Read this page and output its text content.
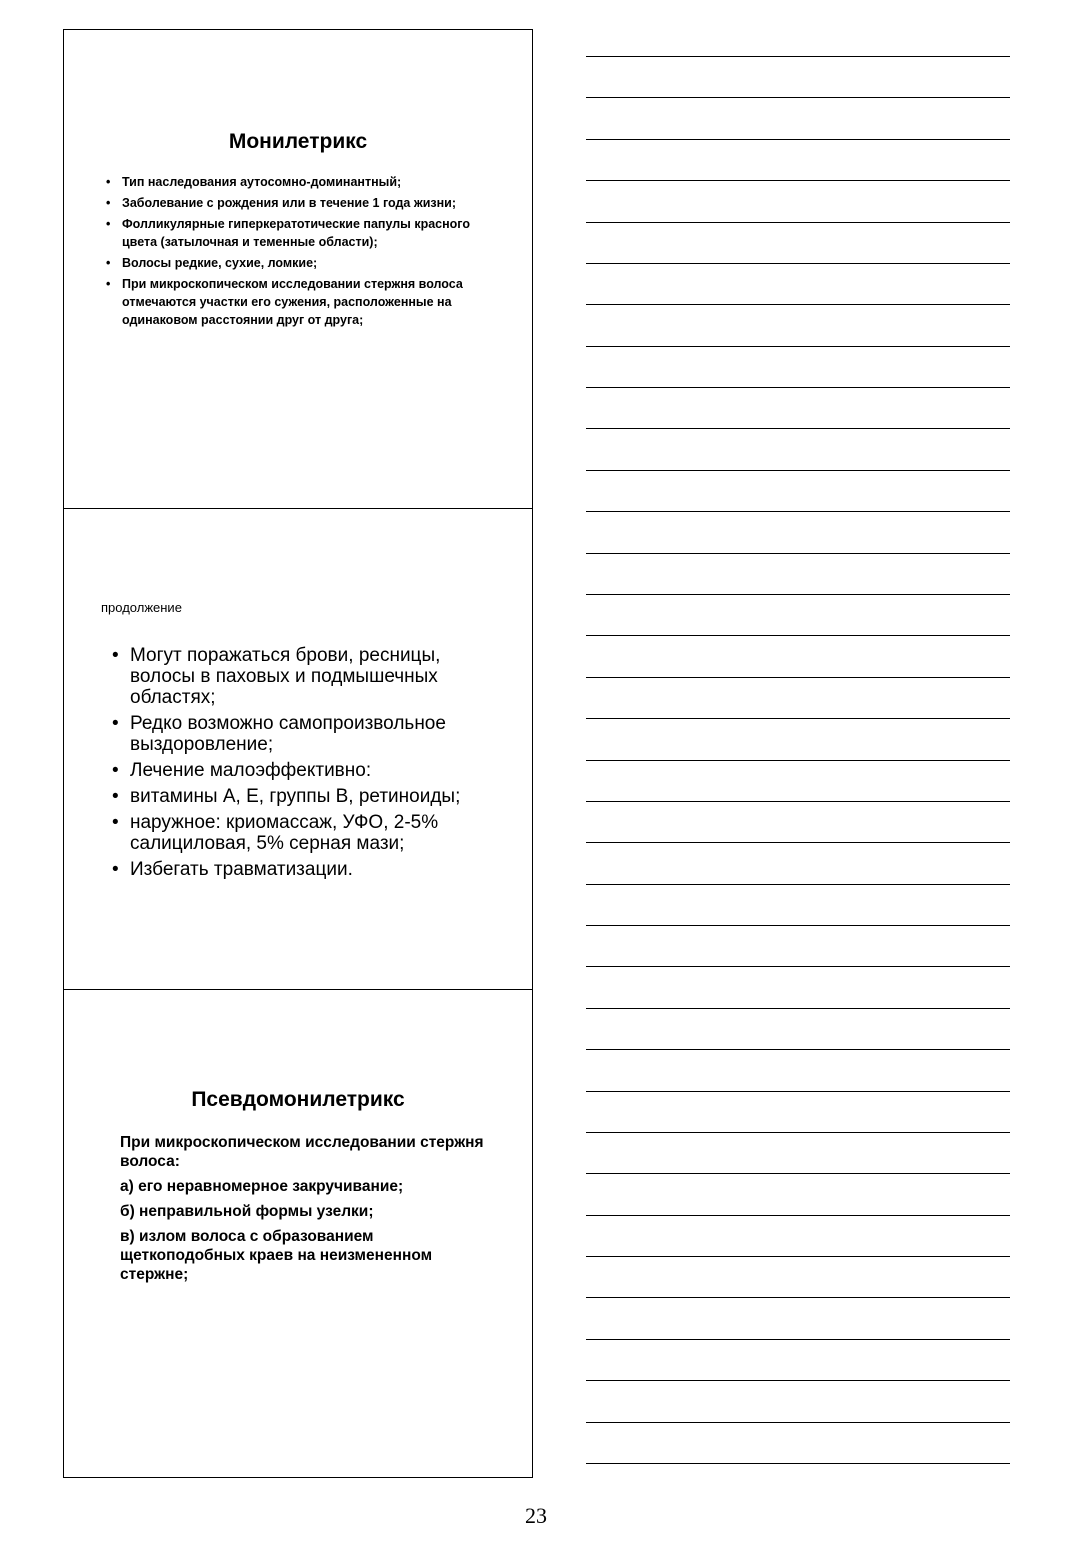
Монилетрикс
• Тип наследования аутосомно-доминантный;
• Заболевание с рождения или в течение 1 года жизни;
• Фолликулярные гиперкератотические папулы красного цвета (затылочная и теменные области);
• Волосы редкие, сухие, ломкие;
• При микроскопическом исследовании стержня волоса отмечаются участки его сужения, расположенные на одинаковом расстоянии друг от друга;
продолжение
• Могут поражаться брови, ресницы, волосы в паховых и подмышечных областях;
• Редко возможно самопроизвольное выздоровление;
• Лечение малоэффективно:
• витамины А, Е, группы В, ретиноиды;
• наружное: криомассаж, УФО, 2-5% салициловая, 5% серная мази;
• Избегать травматизации.
Псевдомонилетрикс

При микроскопическом исследовании стержня волоса:

а) его неравномерное закручивание;

б) неправильной формы узелки;

в) излом волоса с образованием щеткоподобных краев на неизмененном стержне;

23
